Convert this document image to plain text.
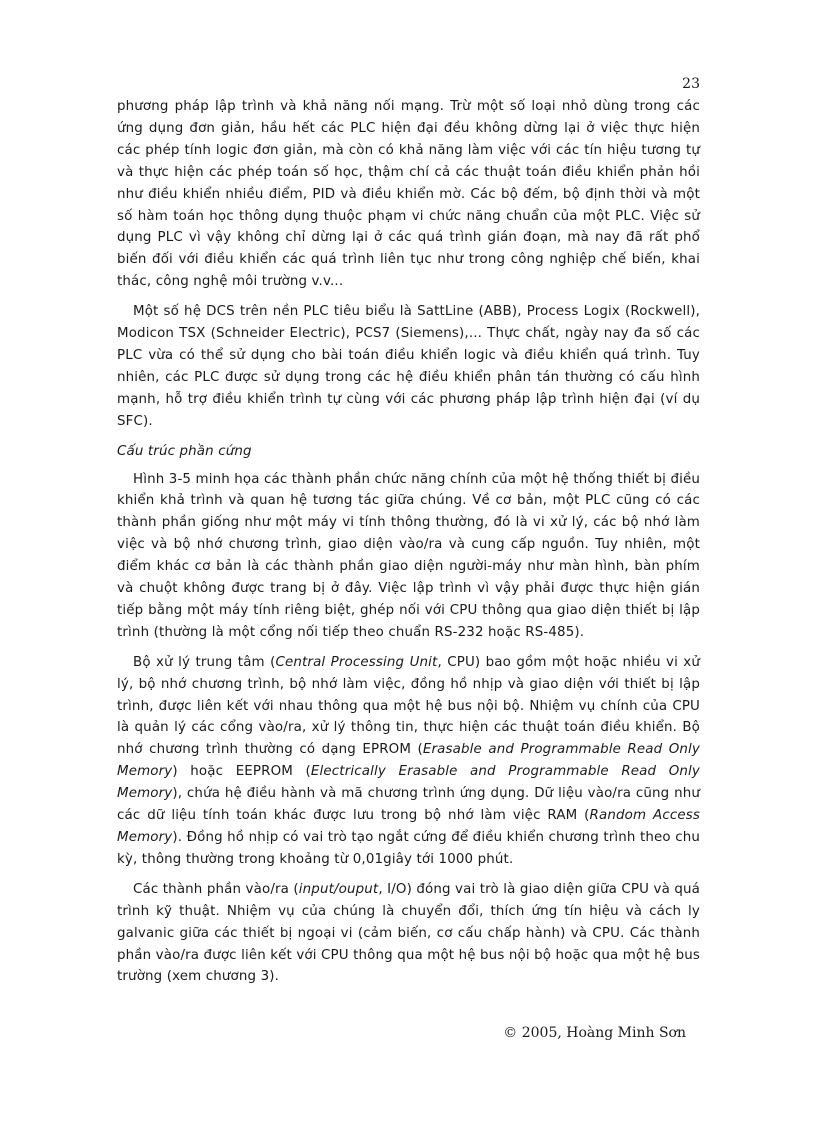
23

phương pháp lập trình và khả năng nối mạng. Trừ một số loại nhỏ dùng trong các ứng dụng đơn giản, hầu hết các PLC hiện đại đều không dừng lại ở việc thực hiện các phép tính logic đơn giản, mà còn có khả năng làm việc với các tín hiệu tương tự và thực hiện các phép toán số học, thậm chí cả các thuật toán điều khiển phản hồi như điều khiển nhiều điểm, PID và điều khiển mờ. Các bộ đếm, bộ định thời và một số hàm toán học thông dụng thuộc phạm vi chức năng chuẩn của một PLC. Việc sử dụng PLC vì vậy không chỉ dừng lại ở các quá trình gián đoạn, mà nay đã rất phổ biến đối với điều khiển các quá trình liên tục như trong công nghiệp chế biến, khai thác, công nghệ môi trường v.v...

Một số hệ DCS trên nền PLC tiêu biểu là SattLine (ABB), Process Logix (Rockwell), Modicon TSX (Schneider Electric), PCS7 (Siemens),... Thực chất, ngày nay đa số các PLC vừa có thể sử dụng cho bài toán điều khiển logic và điều khiển quá trình. Tuy nhiên, các PLC được sử dụng trong các hệ điều khiển phân tán thường có cấu hình mạnh, hỗ trợ điều khiển trình tự cùng với các phương pháp lập trình hiện đại (ví dụ SFC).

Cấu trúc phần cứng

Hình 3-5 minh họa các thành phần chức năng chính của một hệ thống thiết bị điều khiển khả trình và quan hệ tương tác giữa chúng. Về cơ bản, một PLC cũng có các thành phần giống như một máy vi tính thông thường, đó là vi xử lý, các bộ nhớ làm việc và bộ nhớ chương trình, giao diện vào/ra và cung cấp nguồn. Tuy nhiên, một điểm khác cơ bản là các thành phần giao diện người-máy như màn hình, bàn phím và chuột không được trang bị ở đây. Việc lập trình vì vậy phải được thực hiện gián tiếp bằng một máy tính riêng biệt, ghép nối với CPU thông qua giao diện thiết bị lập trình (thường là một cổng nối tiếp theo chuẩn RS-232 hoặc RS-485).

Bộ xử lý trung tâm (Central Processing Unit, CPU) bao gồm một hoặc nhiều vi xử lý, bộ nhớ chương trình, bộ nhớ làm việc, đồng hồ nhịp và giao diện với thiết bị lập trình, được liên kết với nhau thông qua một hệ bus nội bộ. Nhiệm vụ chính của CPU là quản lý các cổng vào/ra, xử lý thông tin, thực hiện các thuật toán điều khiển. Bộ nhớ chương trình thường có dạng EPROM (Erasable and Programmable Read Only Memory) hoặc EEPROM (Electrically Erasable and Programmable Read Only Memory), chứa hệ điều hành và mã chương trình ứng dụng. Dữ liệu vào/ra cũng như các dữ liệu tính toán khác được lưu trong bộ nhớ làm việc RAM (Random Access Memory). Đồng hồ nhịp có vai trò tạo ngắt cứng để điều khiển chương trình theo chu kỳ, thông thường trong khoảng từ 0,01giây tới 1000 phút.

Các thành phần vào/ra (input/ouput, I/O) đóng vai trò là giao diện giữa CPU và quá trình kỹ thuật. Nhiệm vụ của chúng là chuyển đổi, thích ứng tín hiệu và cách ly galvanic giữa các thiết bị ngoại vi (cảm biến, cơ cấu chấp hành) và CPU. Các thành phần vào/ra được liên kết với CPU thông qua một hệ bus nội bộ hoặc qua một hệ bus trường (xem chương 3).

© 2005, Hoàng Minh Sơn
